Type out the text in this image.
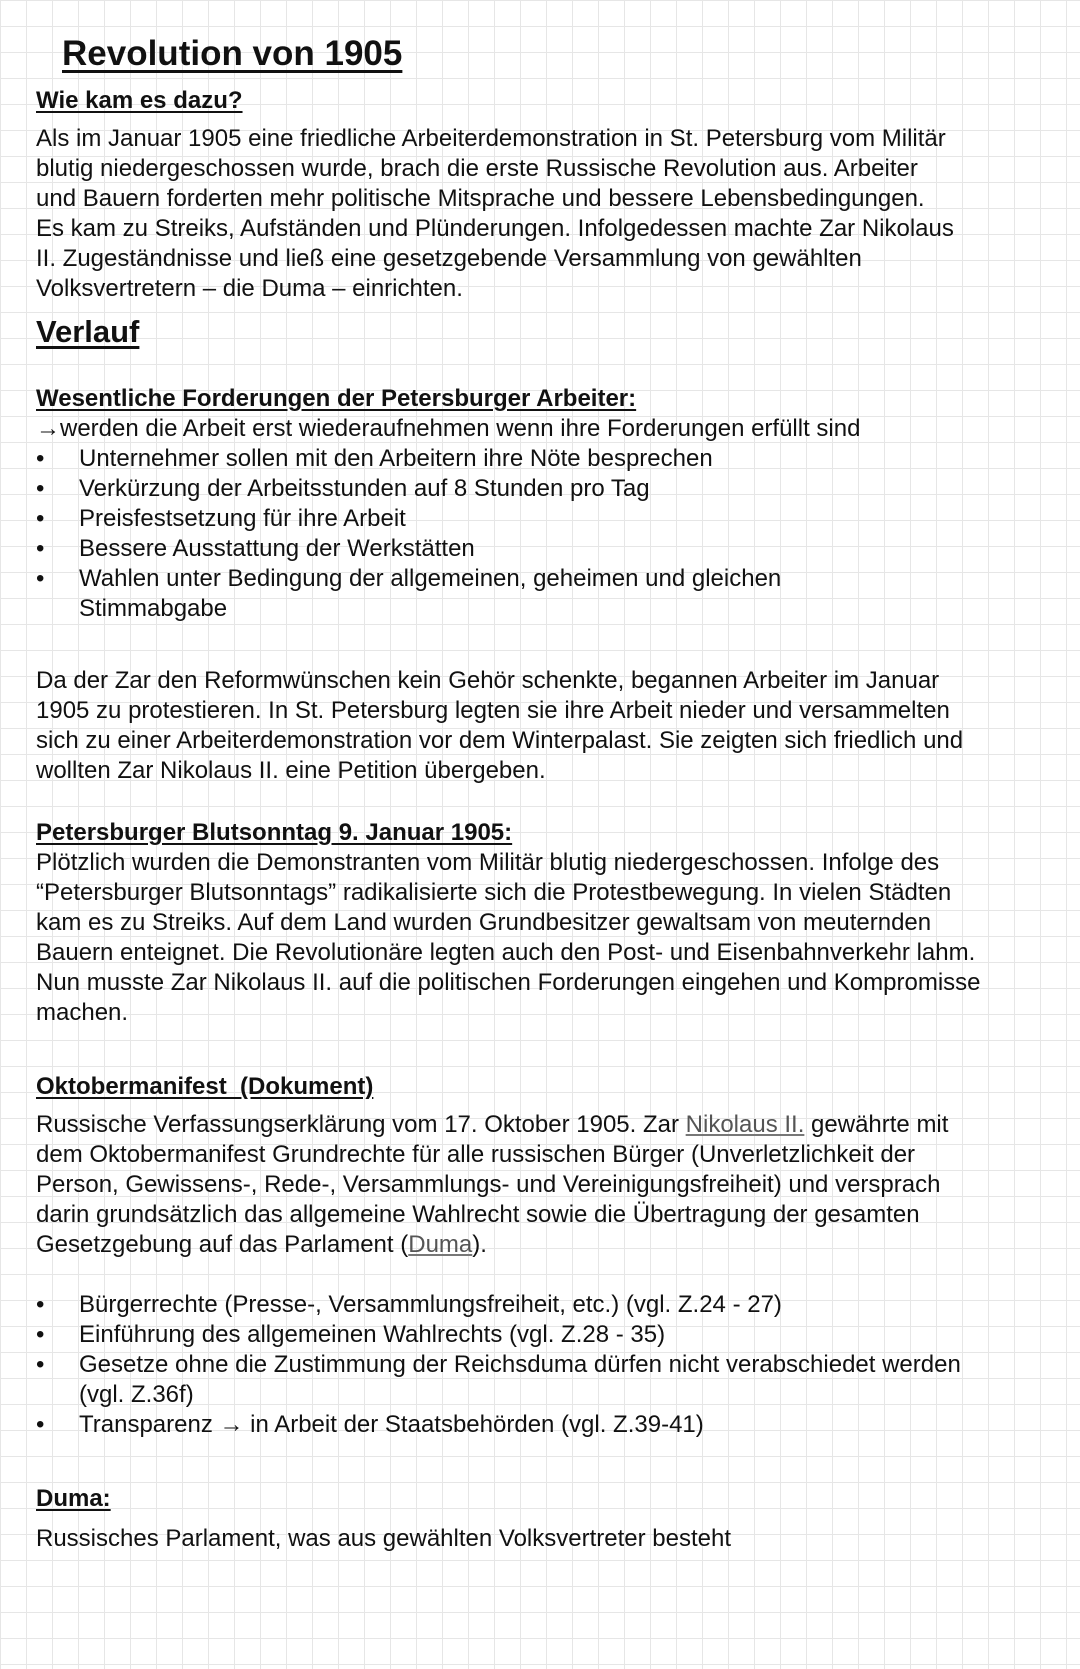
Revolution von 1905
Wie kam es dazu?

Als im Januar 1905 eine friedliche Arbeiterdemonstration in St. Petersburg vom Militär blutig niedergeschossen wurde, brach die erste Russische Revolution aus. Arbeiter und Bauern forderten mehr politische Mitsprache und bessere Lebensbedingungen. Es kam zu Streiks, Aufständen und Plünderungen. Infolgedessen machte Zar Nikolaus II. Zugeständnisse und ließ eine gesetzgebende Versammlung von gewählten Volksvertretern – die Duma – einrichten.

Verlauf
Wesentliche Forderungen der Petersburger Arbeiter:
→werden die Arbeit erst wiederaufnehmen wenn ihre Forderungen erfüllt sind
• Unternehmer sollen mit den Arbeitern ihre Nöte besprechen
• Verkürzung der Arbeitsstunden auf 8 Stunden pro Tag
• Preisfestsetzung für ihre Arbeit
• Bessere Ausstattung der Werkstätten
• Wahlen unter Bedingung der allgemeinen, geheimen und gleichen Stimmabgabe

Da der Zar den Reformwünschen kein Gehör schenkte, begannen Arbeiter im Januar 1905 zu protestieren. In St. Petersburg legten sie ihre Arbeit nieder und versammelten sich zu einer Arbeiterdemonstration vor dem Winterpalast. Sie zeigten sich friedlich und wollten Zar Nikolaus II. eine Petition übergeben.

Petersburger Blutsonntag 9. Januar 1905:

Plötzlich wurden die Demonstranten vom Militär blutig niedergeschossen. Infolge des “Petersburger Blutsonntags” radikalisierte sich die Protestbewegung. In vielen Städten kam es zu Streiks. Auf dem Land wurden Grundbesitzer gewaltsam von meuternden Bauern enteignet. Die Revolutionäre legten auch den Post- und Eisenbahnverkehr lahm. Nun musste Zar Nikolaus II. auf die politischen Forderungen eingehen und Kompromisse machen.

Oktobermanifest  (Dokument)

Russische Verfassungserklärung vom 17. Oktober 1905. Zar Nikolaus II. gewährte mit dem Oktobermanifest Grundrechte für alle russischen Bürger (Unverletzlichkeit der Person, Gewissens-, Rede-, Versammlungs- und Vereinigungsfreiheit) und versprach darin grundsätzlich das allgemeine Wahlrecht sowie die Übertragung der gesamten Gesetzgebung auf das Parlament (Duma).

• Bürgerrechte (Presse-, Versammlungsfreiheit, etc.) (vgl. Z.24 - 27)
• Einführung des allgemeinen Wahlrechts (vgl. Z.28 - 35)
• Gesetze ohne die Zustimmung der Reichsduma dürfen nicht verabschiedet werden (vgl. Z.36f)
• Transparenz → in Arbeit der Staatsbehörden (vgl. Z.39-41)
Duma:

Russisches Parlament, was aus gewählten Volksvertreter besteht
